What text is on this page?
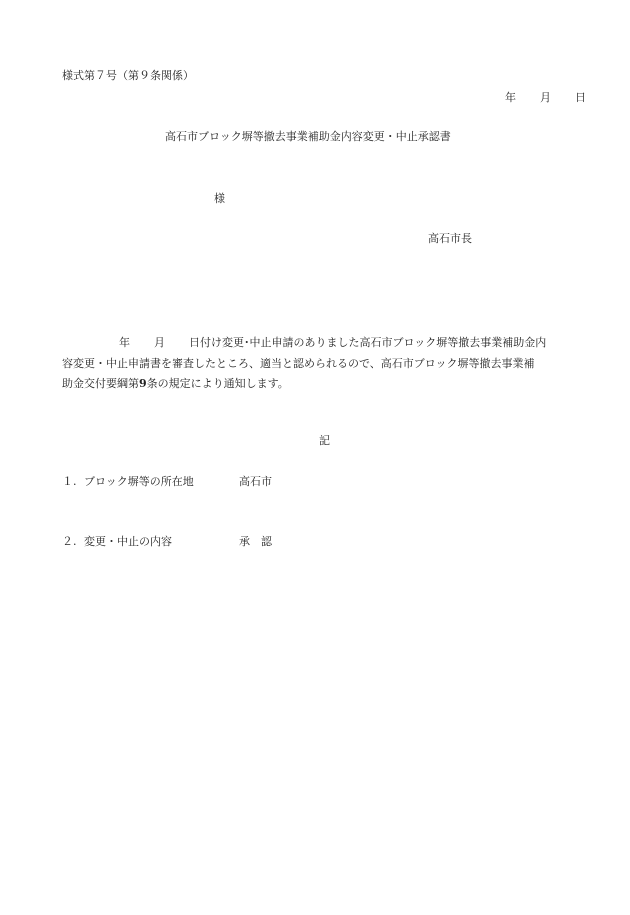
様式第７号（第９条関係）
年 月 日
高石市ブロック塀等撤去事業補助金内容変更・中止承認書
様
高石市長
年 月 日付け変更･中止申請のありました高石市ブロック塀等撤去事業補助金内
容変更・中止申請書を審査したところ、適当と認められるので、高石市ブロック塀等撤去事業補
助金交付要綱第9条の規定により通知します。
記
１. ブロック塀等の所在地	高石市
２. 変更・中止の内容	承　認
